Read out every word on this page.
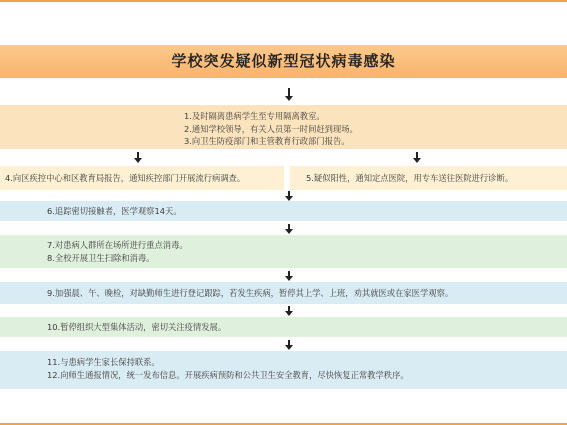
学校突发疑似新型冠状病毒感染
1.及时隔离患病学生至专用隔离教室。
2.通知学校领导，有关人员第一时间赶到现场。
3.向卫生防疫部门和主管教育行政部门报告。
4.向区疾控中心和区教育局报告，通知疾控部门开展流行病调查。	5.疑似阳性，通知定点医院，用专车送往医院进行诊断。
6.追踪密切接触者，医学观察14天。
7.对患病人群所在场所进行重点消毒。
8.全校开展卫生扫除和消毒。
9.加强晨、午、晚检，对缺勤师生进行登记跟踪，若发生疾病，暂停其上学、上班，劝其就医或在家医学观察。
10.暂停组织大型集体活动，密切关注疫情发展。
11.与患病学生家长保持联系。
12.向师生通报情况，统一发布信息。开展疾病预防和公共卫生安全教育，尽快恢复正常教学秩序。
